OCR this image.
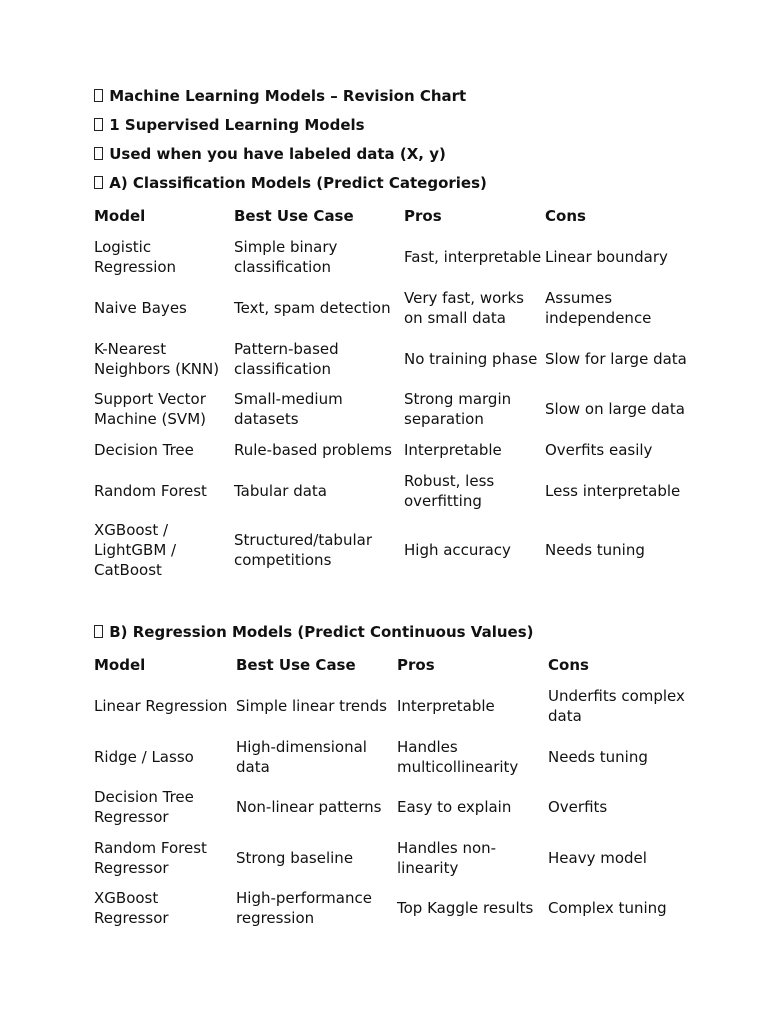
Machine Learning Models – Revision Chart
1⁠ Supervised Learning Models
Used when you have labeled data (X, y)
A) Classification Models (Predict Categories)
Model	Best Use Case	Pros	Cons
Logistic Regression	Simple binary classification	Fast, interpretable	Linear boundary
Naive Bayes	Text, spam detection	Very fast, works on small data	Assumes independence
K-Nearest Neighbors (KNN)	Pattern-based classification	No training phase	Slow for large data
Support Vector Machine (SVM)	Small-medium datasets	Strong margin separation	Slow on large data
Decision Tree	Rule-based problems	Interpretable	Overfits easily
Random Forest	Tabular data	Robust, less overfitting	Less interpretable
XGBoost / LightGBM / CatBoost	Structured/tabular competitions	High accuracy	Needs tuning
B) Regression Models (Predict Continuous Values)
Model	Best Use Case	Pros	Cons
Linear Regression	Simple linear trends	Interpretable	Underfits complex data
Ridge / Lasso	High-dimensional data	Handles multicollinearity	Needs tuning
Decision Tree Regressor	Non-linear patterns	Easy to explain	Overfits
Random Forest Regressor	Strong baseline	Handles non-linearity	Heavy model
XGBoost Regressor	High-performance regression	Top Kaggle results	Complex tuning
